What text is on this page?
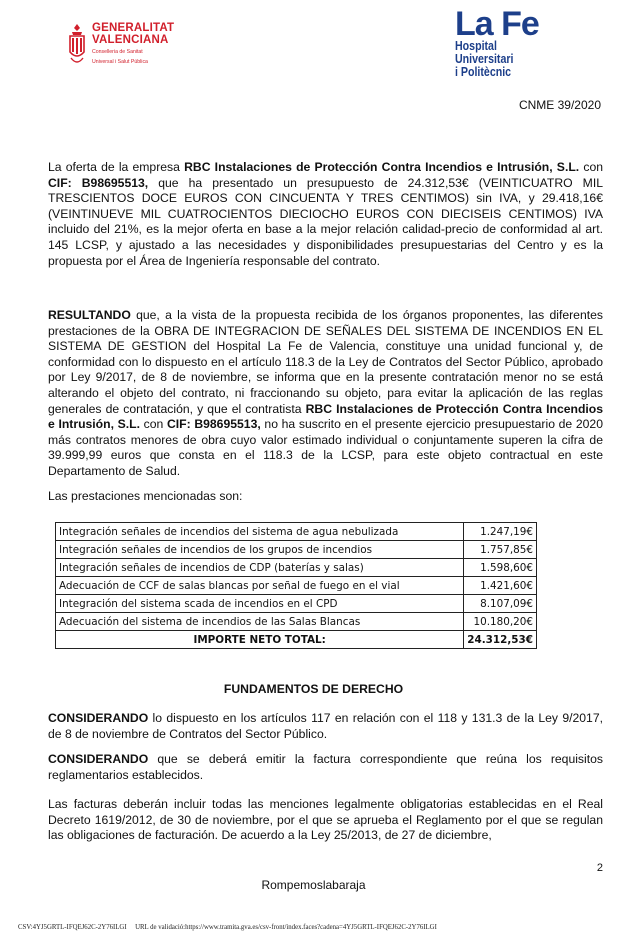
GENERALITAT
VALENCIANA
Conselleria de Sanitat
Universal i Salut Pública
La Fe
Hospital
Universitari
i Politècnic
CNME 39/2020

La oferta de la empresa RBC Instalaciones de Protección Contra Incendios e Intrusión, S.L. con CIF: B98695513, que ha presentado un presupuesto de 24.312,53€ (VEINTICUATRO MIL TRESCIENTOS DOCE EUROS CON CINCUENTA Y TRES CENTIMOS) sin IVA, y 29.418,16€ (VEINTINUEVE MIL CUATROCIENTOS DIECIOCHO EUROS CON DIECISEIS CENTIMOS) IVA incluido del 21%, es la mejor oferta en base a la mejor relación calidad-precio de conformidad al art. 145 LCSP, y ajustado a las necesidades y disponibilidades presupuestarias del Centro y es la propuesta por el Área de Ingeniería responsable del contrato.

RESULTANDO que, a la vista de la propuesta recibida de los órganos proponentes, las diferentes prestaciones de la OBRA DE INTEGRACION DE SEÑALES DEL SISTEMA DE INCENDIOS EN EL SISTEMA DE GESTION del Hospital La Fe de Valencia, constituye una unidad funcional y, de conformidad con lo dispuesto en el artículo 118.3 de la Ley de Contratos del Sector Público, aprobado por Ley 9/2017, de 8 de noviembre, se informa que en la presente contratación menor no se está alterando el objeto del contrato, ni fraccionando su objeto, para evitar la aplicación de las reglas generales de contratación, y que el contratista RBC Instalaciones de Protección Contra Incendios e Intrusión, S.L. con CIF: B98695513, no ha suscrito en el presente ejercicio presupuestario de 2020 más contratos menores de obra cuyo valor estimado individual o conjuntamente superen la cifra de 39.999,99 euros que consta en el 118.3 de la LCSP, para este objeto contractual en este Departamento de Salud.

Las prestaciones mencionadas son:
Integración señales de incendios del sistema de agua nebulizada	1.247,19€
Integración señales de incendios de los grupos de incendios	1.757,85€
Integración señales de incendios de CDP (baterías y salas)	1.598,60€
Adecuación de CCF de salas blancas por señal de fuego en el vial	1.421,60€
Integración del sistema scada de incendios en el CPD	8.107,09€
Adecuación del sistema de incendios de las Salas Blancas	10.180,20€
IMPORTE NETO TOTAL:	24.312,53€
FUNDAMENTOS DE DERECHO

CONSIDERANDO lo dispuesto en los artículos 117 en relación con el 118 y 131.3 de la Ley 9/2017, de 8 de noviembre de Contratos del Sector Público.

CONSIDERANDO que se deberá emitir la factura correspondiente que reúna los requisitos reglamentarios establecidos.

Las facturas deberán incluir todas las menciones legalmente obligatorias establecidas en el Real Decreto 1619/2012, de 30 de noviembre, por el que se aprueba el Reglamento por el que se regulan las obligaciones de facturación. De acuerdo a la Ley 25/2013, de 27 de diciembre,
2
Rompemoslabaraja
CSV:4YJ5GRTL-IFQEJ62C-2Y76ILGI URL de validació:https://www.tramita.gva.es/csv-front/index.faces?cadena=4YJ5GRTL-IFQEJ62C-2Y76ILGI
